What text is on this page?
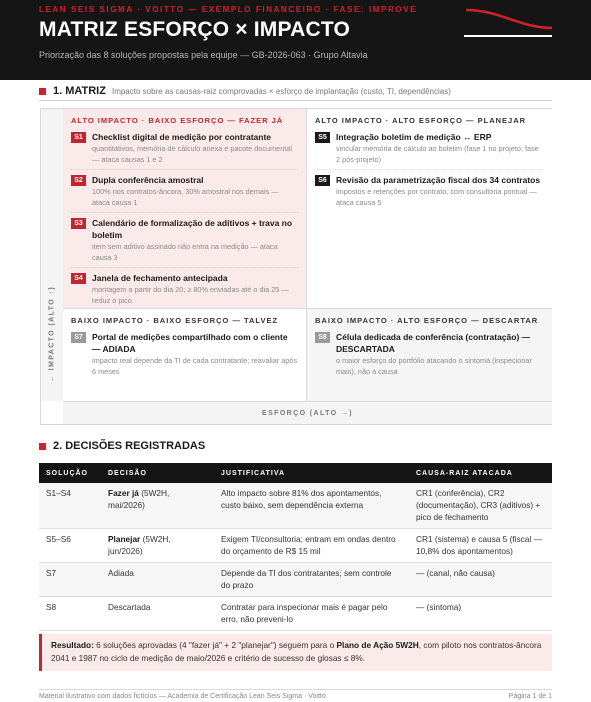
LEAN SEIS SIGMA · VOITTO — EXEMPLO FINANCEIRO · FASE: IMPROVE
MATRIZ ESFORÇO × IMPACTO
Priorização das 8 soluções propostas pela equipe — GB-2026-063 · Grupo Altavia
1. MATRIZ Impacto sobre as causas-raiz comprovadas × esforço de implantação (custo, TI, dependências)
← IMPACTO (ALTO ↑)
ALTO IMPACTO · BAIXO ESFORÇO — FAZER JÁ
S1	Checklist digital de medição por contratante
quantitativos, memória de cálculo anexa e pacote documental — ataca causas 1 e 2
S2	Dupla conferência amostral
100% nos contratos-âncora, 30% amostral nos demais — ataca causa 1
S3	Calendário de formalização de aditivos + trava no boletim
item sem aditivo assinado não entra na medição — ataca causa 3
S4	Janela de fechamento antecipada
montagem a partir do dia 20; ≥ 80% enviadas até o dia 25 — reduz o pico
ALTO IMPACTO · ALTO ESFORÇO — PLANEJAR
S5	Integração boletim de medição ↔ ERP
vincular memória de cálculo ao boletim (fase 1 no projeto; fase 2 pós-projeto)
S6	Revisão da parametrização fiscal dos 34 contratos
impostos e retenções por contrato, com consultoria pontual — ataca causa 5
BAIXO IMPACTO · BAIXO ESFORÇO — TALVEZ
S7	Portal de medições compartilhado com o cliente — ADIADA
impacto real depende da TI de cada contratante; reavaliar após 6 meses
BAIXO IMPACTO · ALTO ESFORÇO — DESCARTAR
S8	Célula dedicada de conferência (contratação) — DESCARTADA
o maior esforço do portfólio atacando o sintoma (inspecionar mais), não a causa
ESFORÇO (ALTO →)
2. DECISÕES REGISTRADAS
SOLUÇÃO	DECISÃO	JUSTIFICATIVA	CAUSA-RAIZ ATACADA
S1–S4	Fazer já (5W2H, mai/2026)	Alto impacto sobre 81% dos apontamentos, custo baixo, sem dependência externa	CR1 (conferência), CR2 (documentação), CR3 (aditivos) + pico de fechamento
S5–S6	Planejar (5W2H, jun/2026)	Exigem TI/consultoria; entram em ondas dentro do orçamento de R$ 15 mil	CR1 (sistema) e causa 5 (fiscal — 10,8% dos apontamentos)
S7	Adiada	Depende da TI dos contratantes; sem controle do prazo	— (canal, não causa)
S8	Descartada	Contratar para inspecionar mais é pagar pelo erro, não preveni-lo	— (sintoma)
Resultado: 6 soluções aprovadas (4 "fazer já" + 2 "planejar") seguem para o Plano de Ação 5W2H, com piloto nos contratos-âncora 2041 e 1987 no ciclo de medição de maio/2026 e critério de sucesso de glosas ≤ 8%.
Material ilustrativo com dados fictícios — Academia de Certificação Lean Seis Sigma · Voitto	Página 1 de 1
